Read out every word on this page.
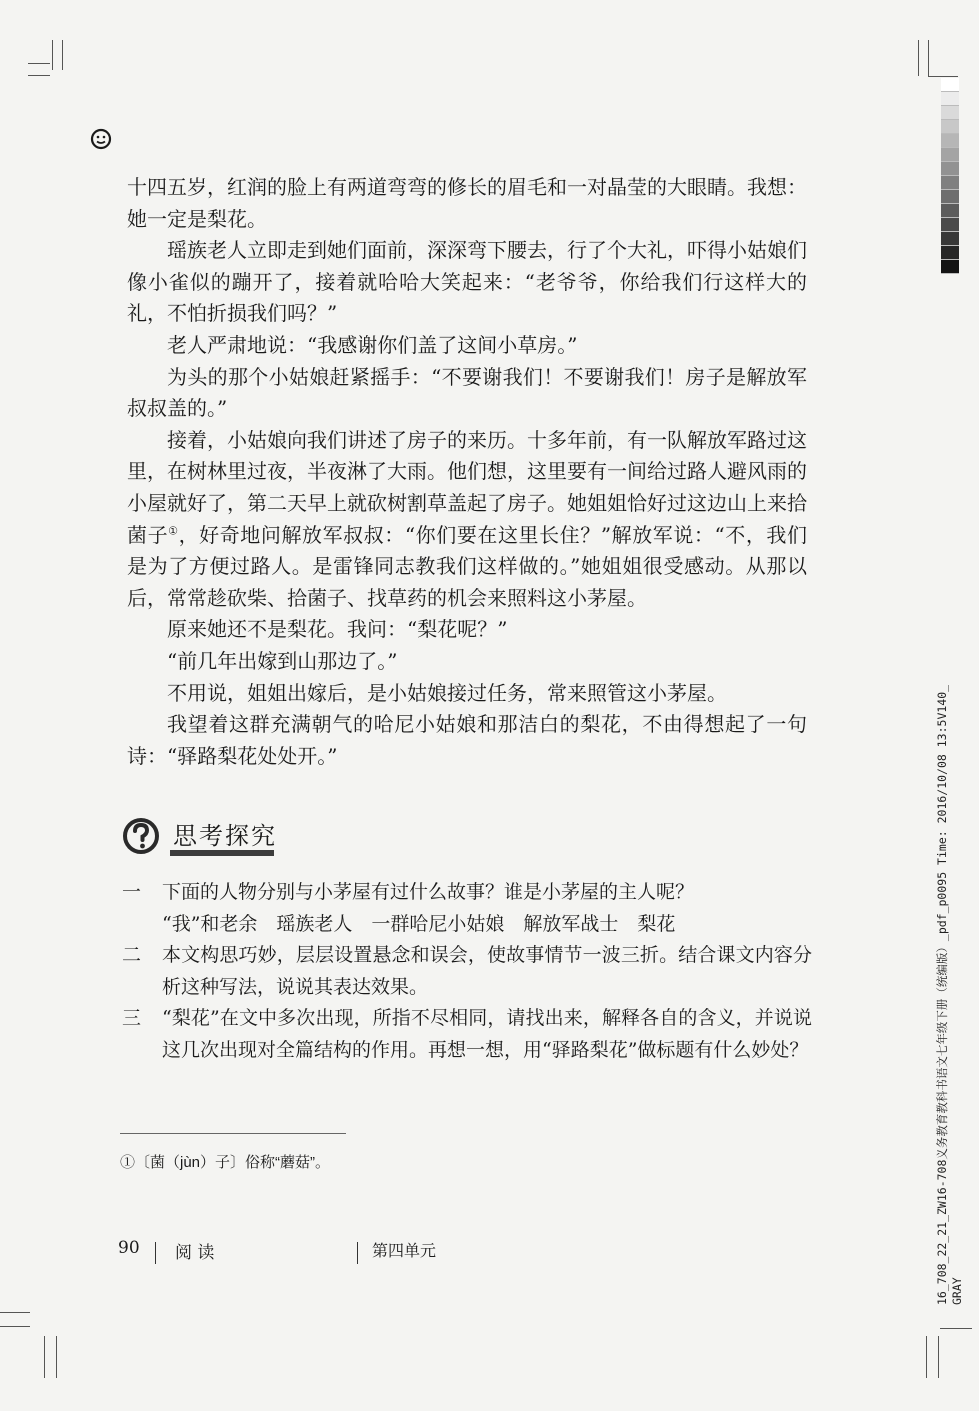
十四五岁，红润的脸上有两道弯弯的修长的眉毛和一对晶莹的大眼睛。我想：她一定是梨花。

瑶族老人立即走到她们面前，深深弯下腰去，行了个大礼，吓得小姑娘们像小雀似的蹦开了，接着就哈哈大笑起来：“老爷爷，你给我们行这样大的礼，不怕折损我们吗？”

老人严肃地说：“我感谢你们盖了这间小草房。”

为头的那个小姑娘赶紧摇手：“不要谢我们！不要谢我们！房子是解放军叔叔盖的。”

接着，小姑娘向我们讲述了房子的来历。十多年前，有一队解放军路过这里，在树林里过夜，半夜淋了大雨。他们想，这里要有一间给过路人避风雨的小屋就好了，第二天早上就砍树割草盖起了房子。她姐姐恰好过这边山上来拾菌子①，好奇地问解放军叔叔：“你们要在这里长住？”解放军说：“不，我们是为了方便过路人。是雷锋同志教我们这样做的。”她姐姐很受感动。从那以后，常常趁砍柴、拾菌子、找草药的机会来照料这小茅屋。

原来她还不是梨花。我问：“梨花呢？”

“前几年出嫁到山那边了。”

不用说，姐姐出嫁后，是小姑娘接过任务，常来照管这小茅屋。

我望着这群充满朝气的哈尼小姑娘和那洁白的梨花，不由得想起了一句诗：“驿路梨花处处开。”

思考探究
一	下面的人物分别与小茅屋有过什么故事？谁是小茅屋的主人呢？
“我”和老余　瑶族老人　一群哈尼小姑娘　解放军战士　梨花
二	本文构思巧妙，层层设置悬念和误会，使故事情节一波三折。结合课文内容分析这种写法，说说其表达效果。
三	“梨花”在文中多次出现，所指不尽相同，请找出来，解释各自的含义，并说说这几次出现对全篇结构的作用。再想一想，用“驿路梨花”做标题有什么妙处？
①〔菌（jùn）子〕俗称“蘑菇”。
90 阅 读	第四单元	16_708_22_21_ZW16-708义务教育教科书语文七年级下册（统编版）_pdf_p0095 Time: 2016/10/08 13:5V140_ GRAY
